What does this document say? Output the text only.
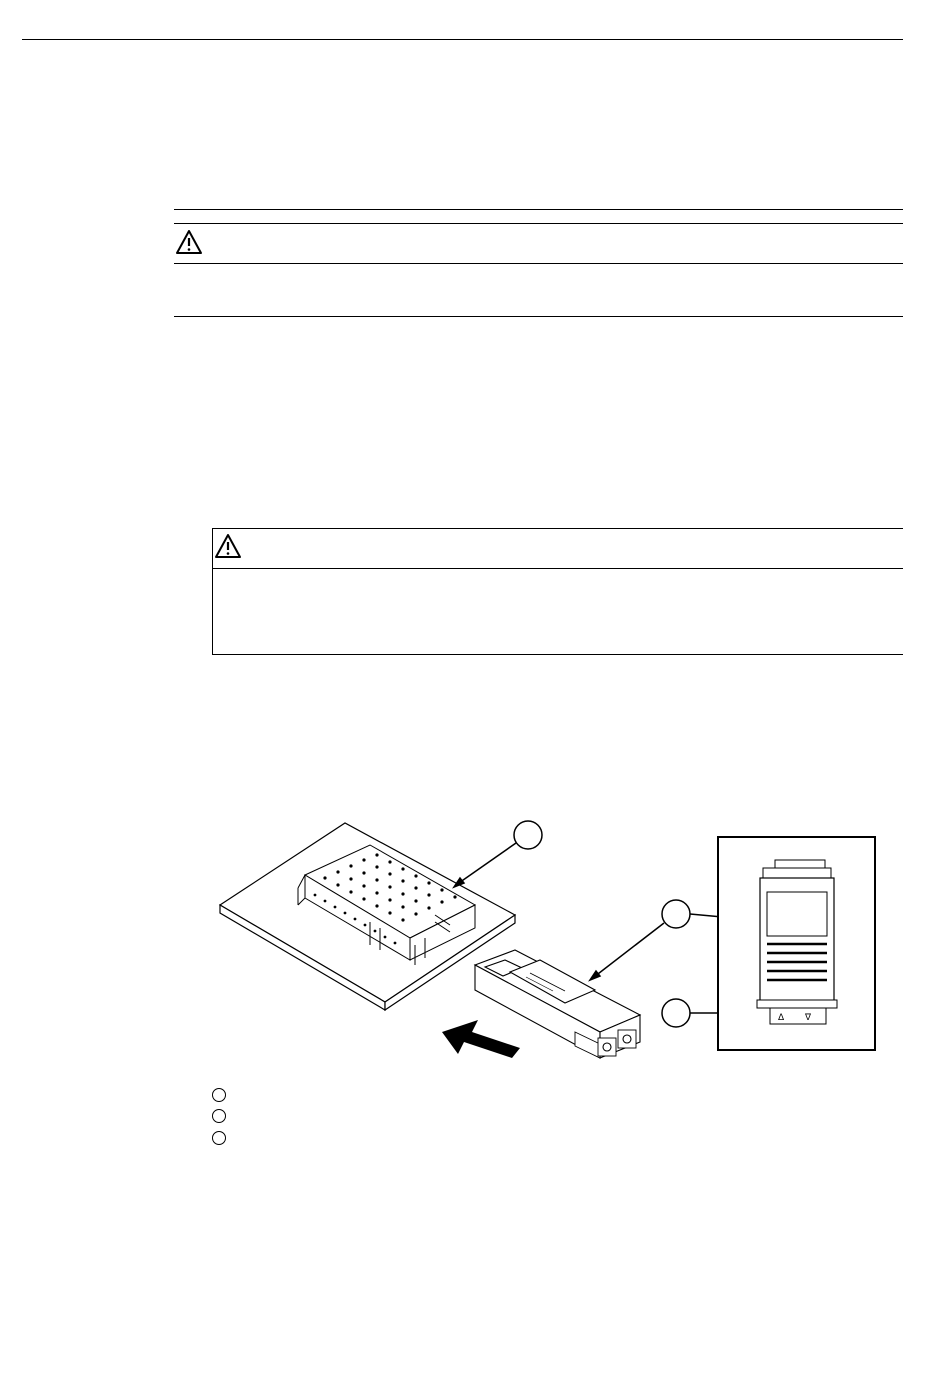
Δ ∇
